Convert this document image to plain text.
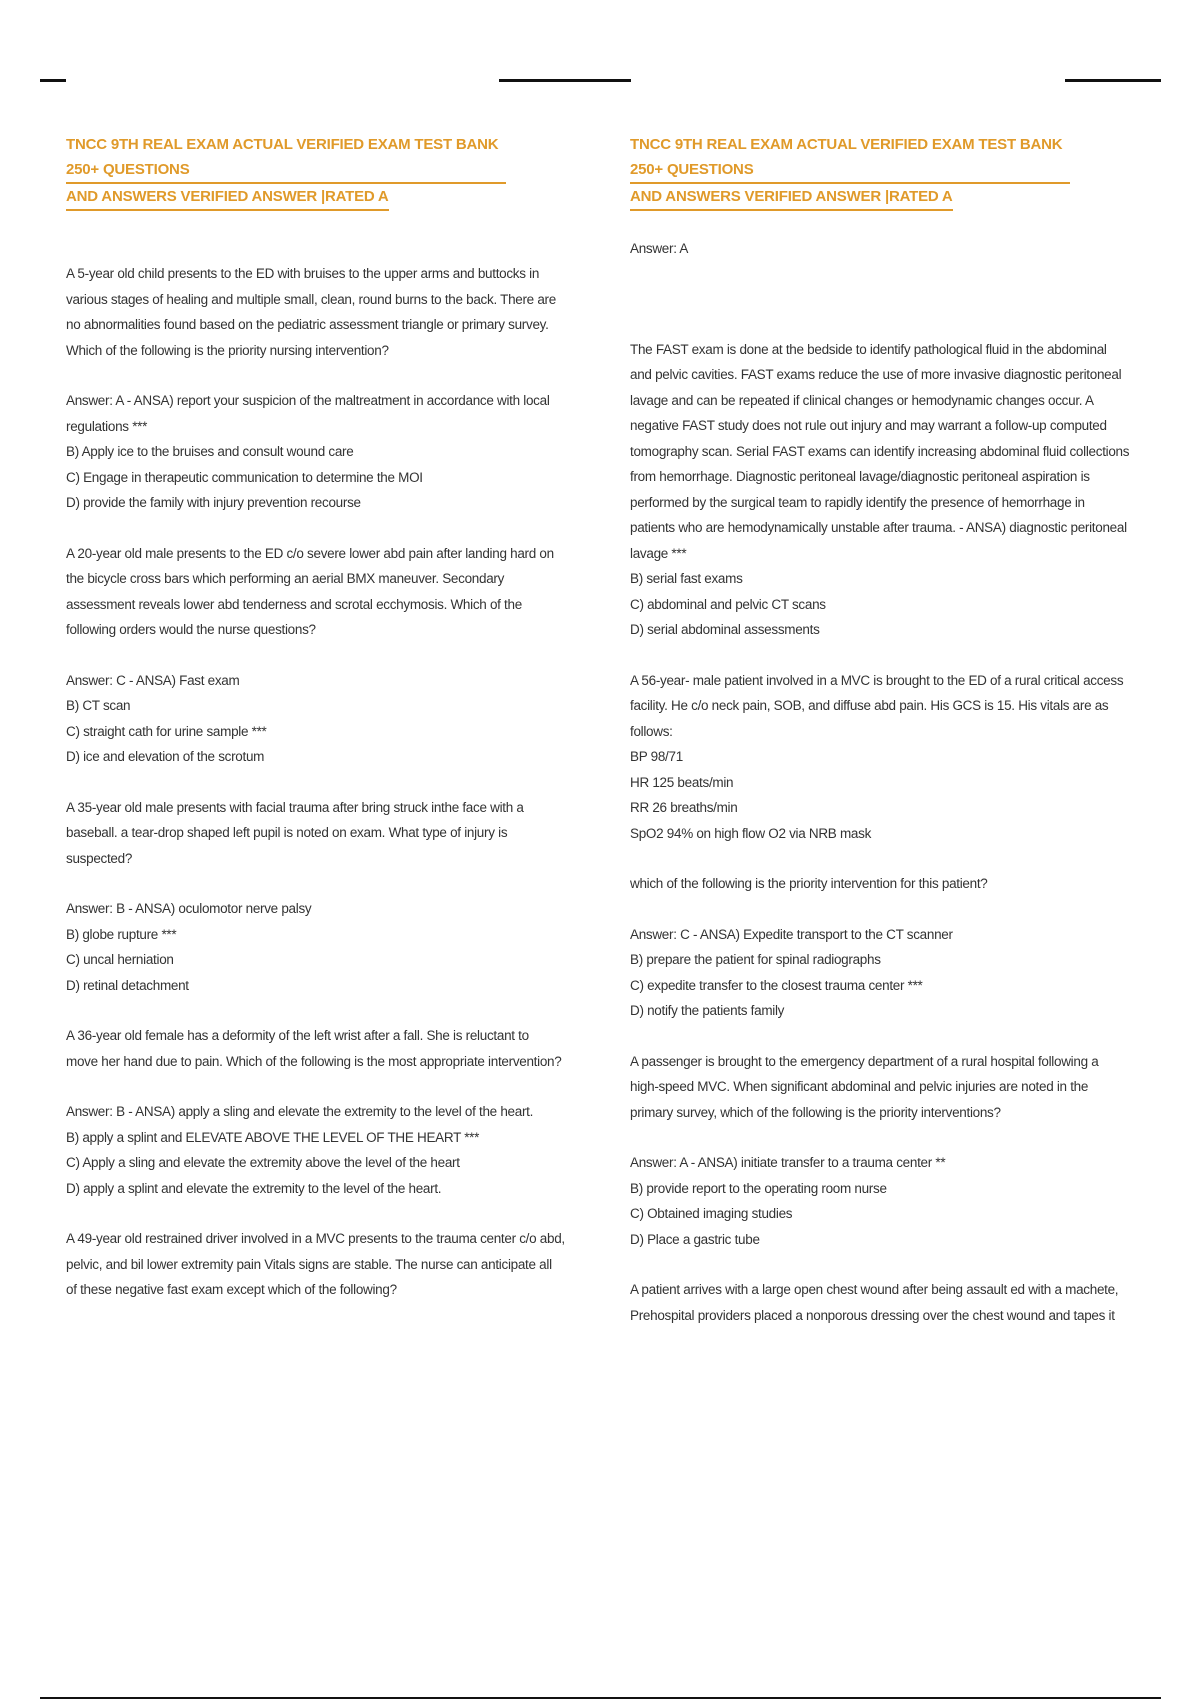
TNCC 9TH REAL EXAM ACTUAL VERIFIED EXAM TEST BANK 250+ QUESTIONS
AND ANSWERS VERIFIED ANSWER |RATED A
A 5-year old child presents to the ED with bruises to the upper arms and buttocks in
various stages of healing and multiple small, clean, round burns to the back. There are
no abnormalities found based on the pediatric assessment triangle or primary survey.
Which of the following is the priority nursing intervention?
Answer: A - ANSA) report your suspicion of the maltreatment in accordance with local
regulations ***
B) Apply ice to the bruises and consult wound care
C) Engage in therapeutic communication to determine the MOI
D) provide the family with injury prevention recourse
A 20-year old male presents to the ED c/o severe lower abd pain after landing hard on
the bicycle cross bars which performing an aerial BMX maneuver. Secondary
assessment reveals lower abd tenderness and scrotal ecchymosis. Which of the
following orders would the nurse questions?
Answer: C - ANSA) Fast exam
B) CT scan
C) straight cath for urine sample ***
D) ice and elevation of the scrotum
A 35-year old male presents with facial trauma after bring struck inthe face with a
baseball. a tear-drop shaped left pupil is noted on exam. What type of injury is
suspected?
Answer: B - ANSA) oculomotor nerve palsy
B) globe rupture ***
C) uncal herniation
D) retinal detachment
A 36-year old female has a deformity of the left wrist after a fall. She is reluctant to
move her hand due to pain. Which of the following is the most appropriate intervention?
Answer: B - ANSA) apply a sling and elevate the extremity to the level of the heart.
B) apply a splint and ELEVATE ABOVE THE LEVEL OF THE HEART ***
C) Apply a sling and elevate the extremity above the level of the heart
D) apply a splint and elevate the extremity to the level of the heart.
A 49-year old restrained driver involved in a MVC presents to the trauma center c/o abd,
pelvic, and bil lower extremity pain Vitals signs are stable. The nurse can anticipate all
of these negative fast exam except which of the following?
TNCC 9TH REAL EXAM ACTUAL VERIFIED EXAM TEST BANK 250+ QUESTIONS
AND ANSWERS VERIFIED ANSWER |RATED A
Answer: A
The FAST exam is done at the bedside to identify pathological fluid in the abdominal
and pelvic cavities. FAST exams reduce the use of more invasive diagnostic peritoneal
lavage and can be repeated if clinical changes or hemodynamic changes occur. A
negative FAST study does not rule out injury and may warrant a follow-up computed
tomography scan. Serial FAST exams can identify increasing abdominal fluid collections
from hemorrhage. Diagnostic peritoneal lavage/diagnostic peritoneal aspiration is
performed by the surgical team to rapidly identify the presence of hemorrhage in
patients who are hemodynamically unstable after trauma. - ANSA) diagnostic peritoneal
lavage ***
B) serial fast exams
C) abdominal and pelvic CT scans
D) serial abdominal assessments
A 56-year- male patient involved in a MVC is brought to the ED of a rural critical access
facility. He c/o neck pain, SOB, and diffuse abd pain. His GCS is 15. His vitals are as
follows:
BP 98/71
HR 125 beats/min
RR 26 breaths/min
SpO2 94% on high flow O2 via NRB mask
which of the following is the priority intervention for this patient?
Answer: C - ANSA) Expedite transport to the CT scanner
B) prepare the patient for spinal radiographs
C) expedite transfer to the closest trauma center ***
D) notify the patients family
A passenger is brought to the emergency department of a rural hospital following a
high-speed MVC. When significant abdominal and pelvic injuries are noted in the
primary survey, which of the following is the priority interventions?
Answer: A - ANSA) initiate transfer to a trauma center **
B) provide report to the operating room nurse
C) Obtained imaging studies
D) Place a gastric tube
A patient arrives with a large open chest wound after being assault ed with a machete,
Prehospital providers placed a nonporous dressing over the chest wound and tapes it
